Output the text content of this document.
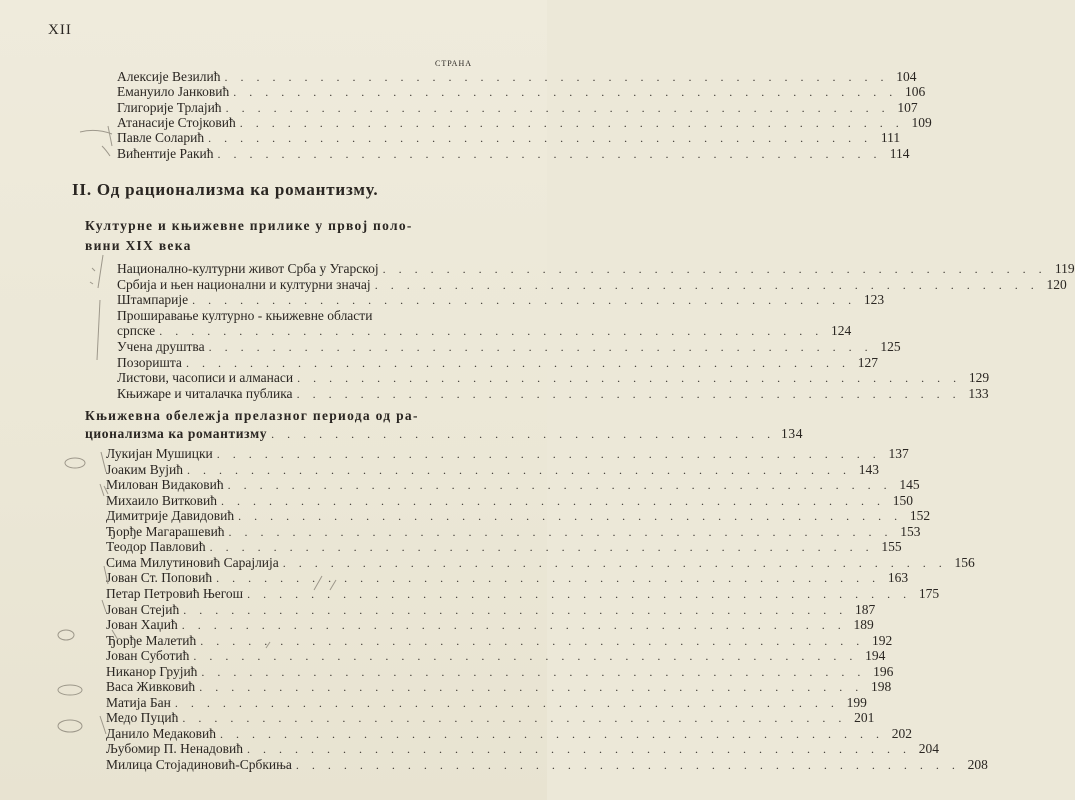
XII
СТРАНА
Алексије Везилић . . . . . . . . . . . . . . . . . . . . . . . . . . . . . . . . . . . . . . . . . . 104
Емануило Јанковић . . . . . . . . . . . . . . . . . . . . . . . . . . . . . . . . . . . . . . . . . . 106
Глигорије Трлајић . . . . . . . . . . . . . . . . . . . . . . . . . . . . . . . . . . . . . . . . . . 107
Атанасије Стојковић . . . . . . . . . . . . . . . . . . . . . . . . . . . . . . . . . . . . . . . . . . 109
Павле Соларић . . . . . . . . . . . . . . . . . . . . . . . . . . . . . . . . . . . . . . . . . . 111
Вићентије Ракић . . . . . . . . . . . . . . . . . . . . . . . . . . . . . . . . . . . . . . . . . . 114
II. Од рационализма ка романтизму.
Културне и књижевне прилике у првој поло-
вини XIX века
Национално-културни живот Срба у Угарској . . . . . . . . . . . . . . . . . . . . . . . . . . . . . . . . . . . . . . . . . . 119
Србија и њен национални и културни значај . . . . . . . . . . . . . . . . . . . . . . . . . . . . . . . . . . . . . . . . . . 120
Штампарије . . . . . . . . . . . . . . . . . . . . . . . . . . . . . . . . . . . . . . . . . . 123
Проширавање културно - књижевне области
српске . . . . . . . . . . . . . . . . . . . . . . . . . . . . . . . . . . . . . . . . . . 124
Учена друштва . . . . . . . . . . . . . . . . . . . . . . . . . . . . . . . . . . . . . . . . . . 125
Позоришта . . . . . . . . . . . . . . . . . . . . . . . . . . . . . . . . . . . . . . . . . . 127
Листови, часописи и алманаси . . . . . . . . . . . . . . . . . . . . . . . . . . . . . . . . . . . . . . . . . . 129
Књижаре и читалачка публика . . . . . . . . . . . . . . . . . . . . . . . . . . . . . . . . . . . . . . . . . . 133
Књижевна обележја прелазног периода од ра-
ционализма ка романтизму . . . . . . . . . . . . . . . . . . . . . . . . . . . . . . . . 134
Лукијан Мушицки . . . . . . . . . . . . . . . . . . . . . . . . . . . . . . . . . . . . . . . . . . 137
Јоаким Вујић . . . . . . . . . . . . . . . . . . . . . . . . . . . . . . . . . . . . . . . . . . 143
Милован Видаковић . . . . . . . . . . . . . . . . . . . . . . . . . . . . . . . . . . . . . . . . . . 145
Михаило Витковић . . . . . . . . . . . . . . . . . . . . . . . . . . . . . . . . . . . . . . . . . . 150
Димитрије Давидовић . . . . . . . . . . . . . . . . . . . . . . . . . . . . . . . . . . . . . . . . . . 152
Ђорђе Магарашевић . . . . . . . . . . . . . . . . . . . . . . . . . . . . . . . . . . . . . . . . . . 153
Теодор Павловић . . . . . . . . . . . . . . . . . . . . . . . . . . . . . . . . . . . . . . . . . . 155
Сима Милутиновић Сарајлија . . . . . . . . . . . . . . . . . . . . . . . . . . . . . . . . . . . . . . . . . . 156
Јован Ст. Поповић . . . . . . . . . . . . . . . . . . . . . . . . . . . . . . . . . . . . . . . . . . 163
Петар Петровић Његош . . . . . . . . . . . . . . . . . . . . . . . . . . . . . . . . . . . . . . . . . . 175
Јован Стејић . . . . . . . . . . . . . . . . . . . . . . . . . . . . . . . . . . . . . . . . . . 187
Јован Хаџић . . . . . . . . . . . . . . . . . . . . . . . . . . . . . . . . . . . . . . . . . . 189
Ђорђе Малетић . . . . . . . . . . . . . . . . . . . . . . . . . . . . . . . . . . . . . . . . . . 192
Јован Суботић . . . . . . . . . . . . . . . . . . . . . . . . . . . . . . . . . . . . . . . . . . 194
Никанор Грујић . . . . . . . . . . . . . . . . . . . . . . . . . . . . . . . . . . . . . . . . . . 196
Васа Живковић . . . . . . . . . . . . . . . . . . . . . . . . . . . . . . . . . . . . . . . . . . 198
Матија Бан . . . . . . . . . . . . . . . . . . . . . . . . . . . . . . . . . . . . . . . . . . 199
Медо Пуцић . . . . . . . . . . . . . . . . . . . . . . . . . . . . . . . . . . . . . . . . . . 201
Данило Медаковић . . . . . . . . . . . . . . . . . . . . . . . . . . . . . . . . . . . . . . . . . . 202
Љубомир П. Ненадовић . . . . . . . . . . . . . . . . . . . . . . . . . . . . . . . . . . . . . . . . . . 204
Милица Стојадиновић-Србкиња . . . . . . . . . . . . . . . . . . . . . . . . . . . . . . . . . . . . . . . . . . 208
